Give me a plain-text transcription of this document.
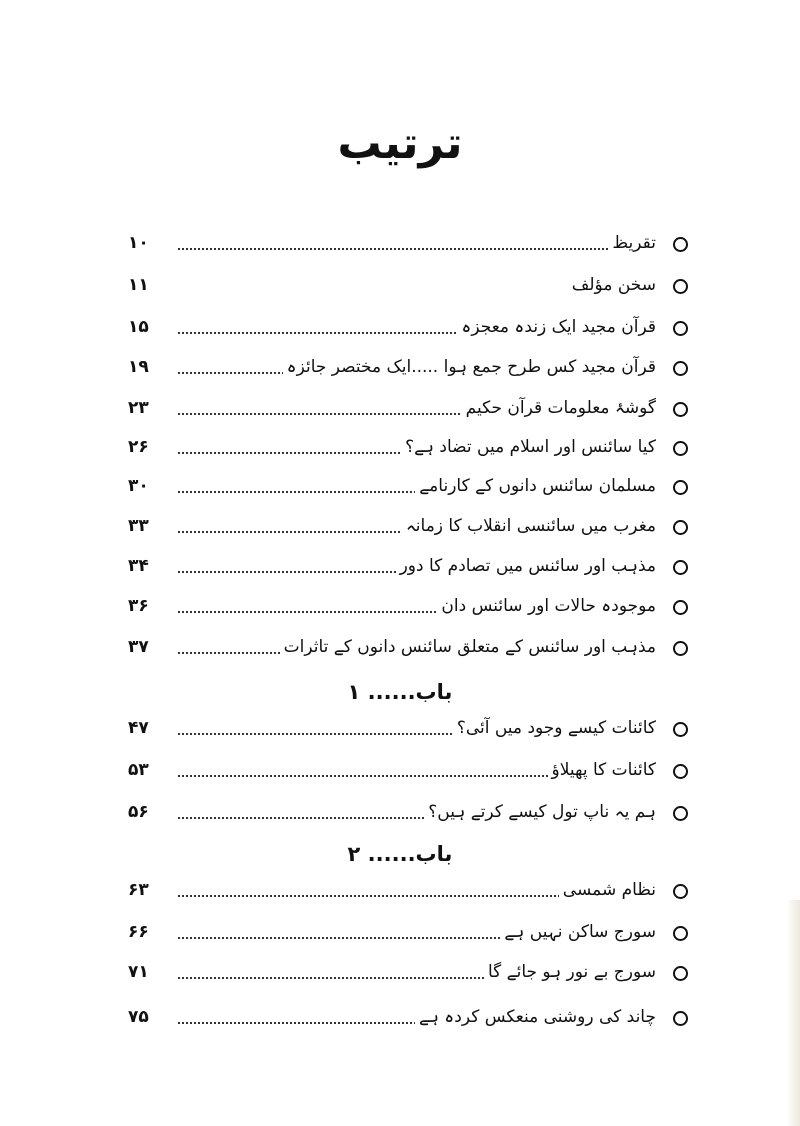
ترتیب
تقریظ
۱۰
سخن مؤلف
۱۱
قرآن مجید ایک زندہ معجزہ
۱۵
قرآن مجید کس طرح جمع ہوا .....ایک مختصر جائزہ
۱۹
گوشۂ معلومات قرآن حکیم
۲۳
کیا سائنس اور اسلام میں تضاد ہے؟
۲۶
مسلمان سائنس دانوں کے کارنامے
۳۰
مغرب میں سائنسی انقلاب کا زمانہ
۳۳
مذہب اور سائنس میں تصادم کا دور
۳۴
موجودہ حالات اور سائنس دان
۳۶
مذہب اور سائنس کے متعلق سائنس دانوں کے تاثرات
۳۷
باب...... ۱
کائنات کیسے وجود میں آئی؟
۴۷
کائنات کا پھیلاؤ
۵۳
ہم یہ ناپ تول کیسے کرتے ہیں؟
۵۶
باب...... ۲
نظام شمسی
۶۳
سورج ساکن نہیں ہے
۶۶
سورج بے نور ہو جائے گا
۷۱
چاند کی روشنی منعکس کردہ ہے
۷۵
